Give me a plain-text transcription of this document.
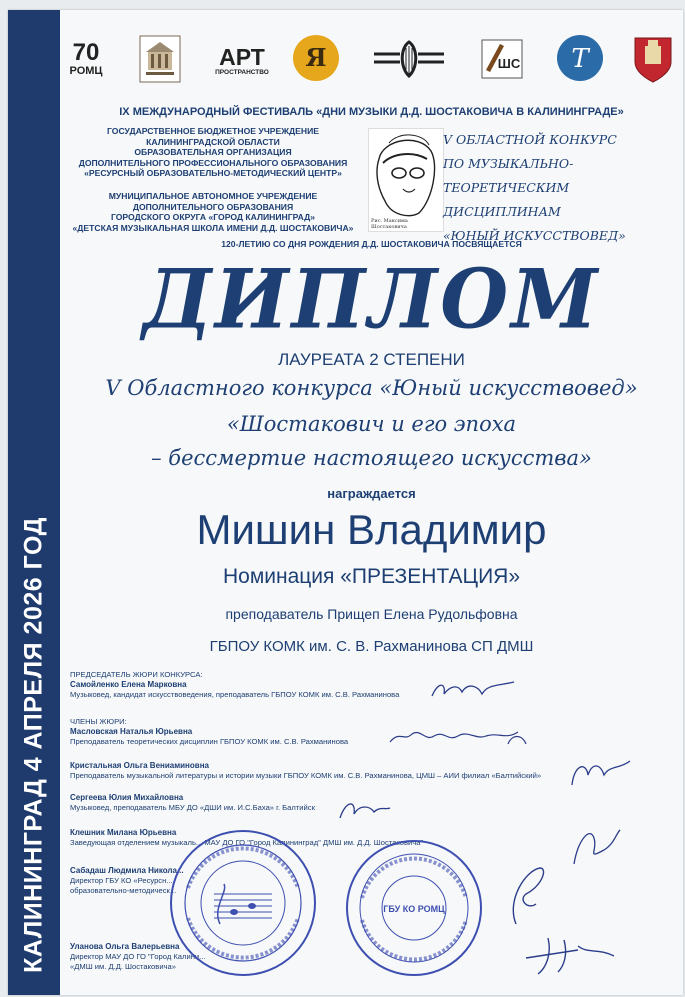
КАЛИНИНГРАД 4 АПРЕЛЯ 2026 ГОД
70
РОМЦ
АРТ
ПРОСТРАНСТВО Я	ШС Т
IX МЕЖДУНАРОДНЫЙ ФЕСТИВАЛЬ «ДНИ МУЗЫКИ Д.Д. ШОСТАКОВИЧА В КАЛИНИНГРАДЕ»
ГОСУДАРСТВЕННОЕ БЮДЖЕТНОЕ УЧРЕЖДЕНИЕ
КАЛИНИНГРАДСКОЙ ОБЛАСТИ
ОБРАЗОВАТЕЛЬНАЯ ОРГАНИЗАЦИЯ
ДОПОЛНИТЕЛЬНОГО ПРОФЕССИОНАЛЬНОГО ОБРАЗОВАНИЯ
«РЕСУРСНЫЙ ОБРАЗОВАТЕЛЬНО-МЕТОДИЧЕСКИЙ ЦЕНТР»
МУНИЦИПАЛЬНОЕ АВТОНОМНОЕ УЧРЕЖДЕНИЕ
ДОПОЛНИТЕЛЬНОГО ОБРАЗОВАНИЯ
ГОРОДСКОГО ОКРУГА «ГОРОД КАЛИНИНГРАД»
«ДЕТСКАЯ МУЗЫКАЛЬНАЯ ШКОЛА ИМЕНИ Д.Д. ШОСТАКОВИЧА»
Рис. Максима Шостаковича
V ОБЛАСТНОЙ КОНКУРС
ПО МУЗЫКАЛЬНО-ТЕОРЕТИЧЕСКИМ
ДИСЦИПЛИНАМ
«ЮНЫЙ ИСКУССТВОВЕД»
120-ЛЕТИЮ СО ДНЯ РОЖДЕНИЯ Д.Д. ШОСТАКОВИЧА ПОСВЯЩАЕТСЯ
ДИПЛОМ
ЛАУРЕАТА 2 СТЕПЕНИ
V Областного конкурса «Юный искусствовед»
«Шостакович и его эпоха
– бессмертие настоящего искусства»
награждается
Мишин Владимир
Номинация «ПРЕЗЕНТАЦИЯ»
преподаватель Прищеп Елена Рудольфовна
ГБПОУ КОМК им. С. В. Рахманинова СП ДМШ
ПРЕДСЕДАТЕЛЬ ЖЮРИ КОНКУРСА:
Самойленко Елена Марковна
Музыковед, кандидат искусствоведения, преподаватель ГБПОУ КОМК им. С.В. Рахманинова
ЧЛЕНЫ ЖЮРИ:
Масловская Наталья Юрьевна
Преподаватель теоретических дисциплин ГБПОУ КОМК им. С.В. Рахманинова
Кристальная Ольга Вениаминовна
Преподаватель музыкальной литературы и истории музыки ГБПОУ КОМК им. С.В. Рахманинова, ЦМШ – АИИ филиал «Балтийский»
Сергеева Юлия Михайловна
Музыковед, преподаватель МБУ ДО «ДШИ им. И.С.Баха» г. Балтийск
Клешник Милана Юрьевна
Заведующая отделением музыкаль... МАУ ДО ГО "Город Калининград" ДМШ им. Д.Д. Шостаковича"
Сабадаш Людмила Никола...
Директор ГБУ КО «Ресурсн...
образовательно-методическ...
Уланова Ольга Валерьевна
Директор МАУ ДО ГО "Город Калини...
«ДМШ им. Д.Д. Шостаковича»
ГБУ КО РОМЦ
